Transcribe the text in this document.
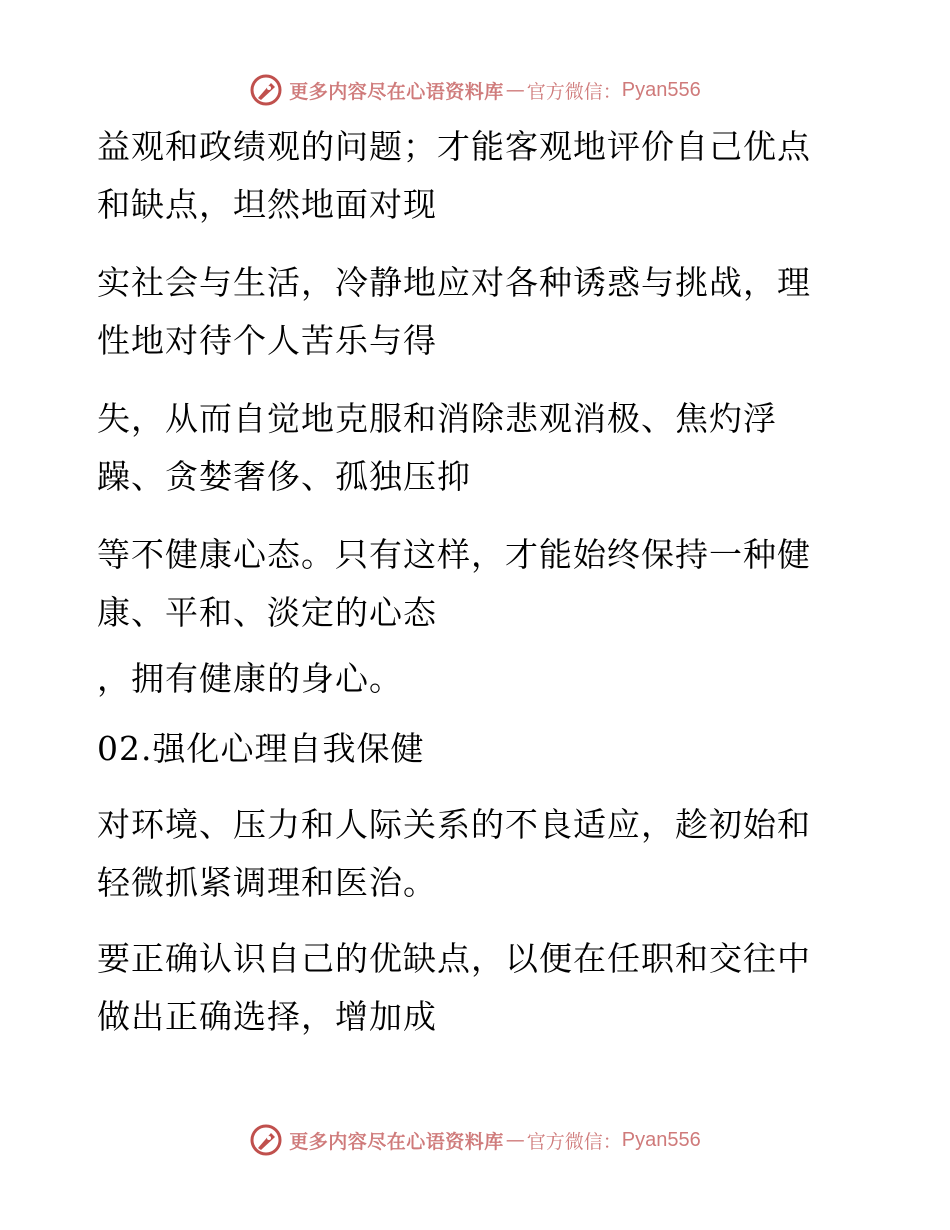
更多内容尽在心语资料库 — 官方微信： Pyan556
益观和政绩观的问题；才能客观地评价自己优点
和缺点，坦然地面对现
实社会与生活，冷静地应对各种诱惑与挑战，理
性地对待个人苦乐与得
失，从而自觉地克服和消除悲观消极、焦灼浮
躁、贪婪奢侈、孤独压抑
等不健康心态。只有这样，才能始终保持一种健
康、平和、淡定的心态
，拥有健康的身心。
02.强化心理自我保健
对环境、压力和人际关系的不良适应，趁初始和
轻微抓紧调理和医治。
要正确认识自己的优缺点，以便在任职和交往中
做出正确选择，增加成
更多内容尽在心语资料库 — 官方微信： Pyan556
